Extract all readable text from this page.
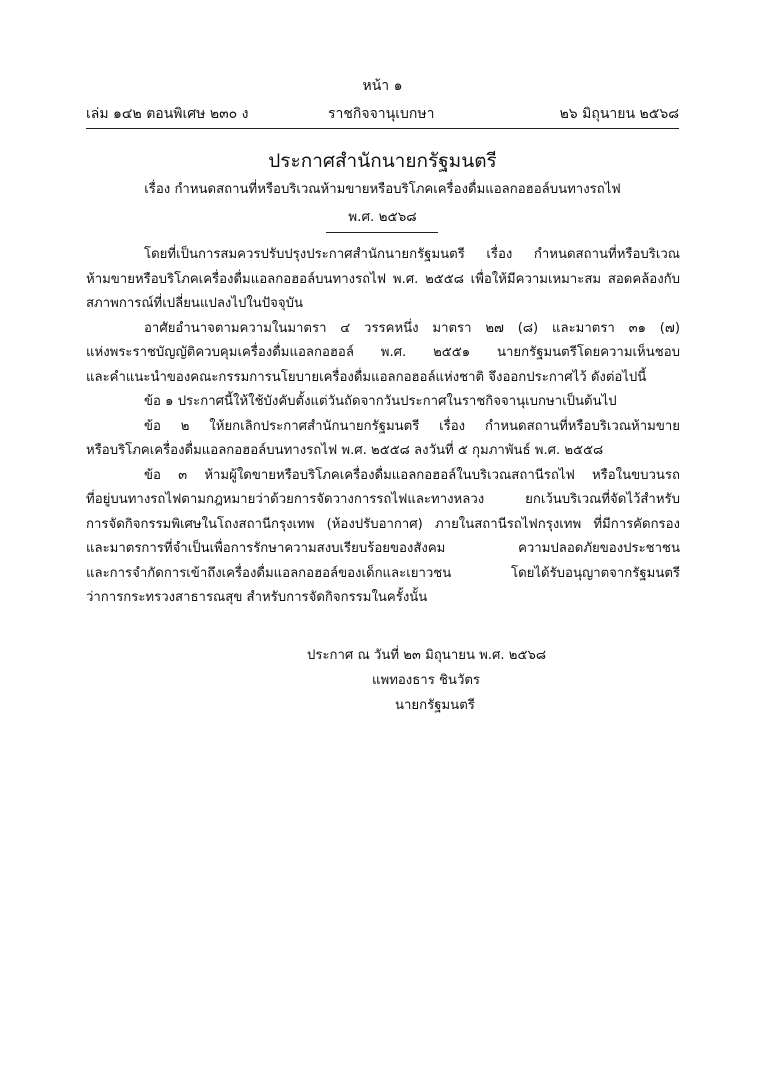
หน้า ๑
เล่ม ๑๔๒ ตอนพิเศษ ๒๓๐ ง	ราชกิจจานุเบกษา	๒๖ มิถุนายน ๒๕๖๘
ประกาศสำนักนายกรัฐมนตรี
เรื่อง กำหนดสถานที่หรือบริเวณห้ามขายหรือบริโภคเครื่องดื่มแอลกอฮอล์บนทางรถไฟ
พ.ศ. ๒๕๖๘
โดยที่เป็นการสมควรปรับปรุงประกาศสำนักนายกรัฐมนตรี เรื่อง กำหนดสถานที่หรือบริเวณ
ห้ามขายหรือบริโภคเครื่องดื่มแอลกอฮอล์บนทางรถไฟ พ.ศ. ๒๕๕๘ เพื่อให้มีความเหมาะสม สอดคล้องกับ
สภาพการณ์ที่เปลี่ยนแปลงไปในปัจจุบัน
อาศัยอำนาจตามความในมาตรา ๔ วรรคหนึ่ง มาตรา ๒๗ (๘) และมาตรา ๓๑ (๗)
แห่งพระราชบัญญัติควบคุมเครื่องดื่มแอลกอฮอล์ พ.ศ. ๒๕๕๑ นายกรัฐมนตรีโดยความเห็นชอบ
และคำแนะนำของคณะกรรมการนโยบายเครื่องดื่มแอลกอฮอล์แห่งชาติ จึงออกประกาศไว้ ดังต่อไปนี้
ข้อ ๑ ประกาศนี้ให้ใช้บังคับตั้งแต่วันถัดจากวันประกาศในราชกิจจานุเบกษาเป็นต้นไป
ข้อ ๒ ให้ยกเลิกประกาศสำนักนายกรัฐมนตรี เรื่อง กำหนดสถานที่หรือบริเวณห้ามขาย
หรือบริโภคเครื่องดื่มแอลกอฮอล์บนทางรถไฟ พ.ศ. ๒๕๕๘ ลงวันที่ ๕ กุมภาพันธ์ พ.ศ. ๒๕๕๘
ข้อ ๓ ห้ามผู้ใดขายหรือบริโภคเครื่องดื่มแอลกอฮอล์ในบริเวณสถานีรถไฟ หรือในขบวนรถ
ที่อยู่บนทางรถไฟตามกฎหมายว่าด้วยการจัดวางการรถไฟและทางหลวง ยกเว้นบริเวณที่จัดไว้สำหรับ
การจัดกิจกรรมพิเศษในโถงสถานีกรุงเทพ (ห้องปรับอากาศ) ภายในสถานีรถไฟกรุงเทพ ที่มีการคัดกรอง
และมาตรการที่จำเป็นเพื่อการรักษาความสงบเรียบร้อยของสังคม ความปลอดภัยของประชาชน
และการจำกัดการเข้าถึงเครื่องดื่มแอลกอฮอล์ของเด็กและเยาวชน โดยได้รับอนุญาตจากรัฐมนตรี
ว่าการกระทรวงสาธารณสุข สำหรับการจัดกิจกรรมในครั้งนั้น
ประกาศ ณ วันที่ ๒๓ มิถุนายน พ.ศ. ๒๕๖๘
แพทองธาร ชินวัตร
นายกรัฐมนตรี
